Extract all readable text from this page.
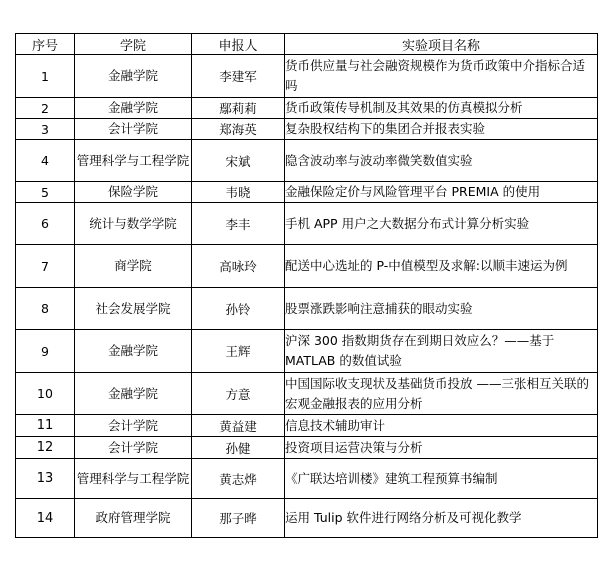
序号	学院	申报人	实验项目名称
1	金融学院	李建军	货币供应量与社会融资规模作为货币政策中介指标合适吗
2	金融学院	鄢莉莉	货币政策传导机制及其效果的仿真模拟分析
3	会计学院	郑海英	复杂股权结构下的集团合并报表实验
4	管理科学与工程学院	宋斌	隐含波动率与波动率微笑数值实验
5	保险学院	韦晓	金融保险定价与风险管理平台 PREMIA 的使用
6	统计与数学学院	李丰	手机 APP 用户之大数据分布式计算分析实验
7	商学院	高咏玲	配送中心选址的 P-中值模型及求解:以顺丰速运为例
8	社会发展学院	孙铃	股票涨跌影响注意捕获的眼动实验
9	金融学院	王辉	沪深 300 指数期货存在到期日效应么？——基于 MATLAB 的数值试验
10	金融学院	方意	中国国际收支现状及基础货币投放 ——三张相互关联的宏观金融报表的应用分析
11	会计学院	黄益建	信息技术辅助审计
12	会计学院	孙健	投资项目运营决策与分析
13	管理科学与工程学院	黄志烨	《广联达培训楼》建筑工程预算书编制
14	政府管理学院	那子晔	运用 Tulip 软件进行网络分析及可视化教学
